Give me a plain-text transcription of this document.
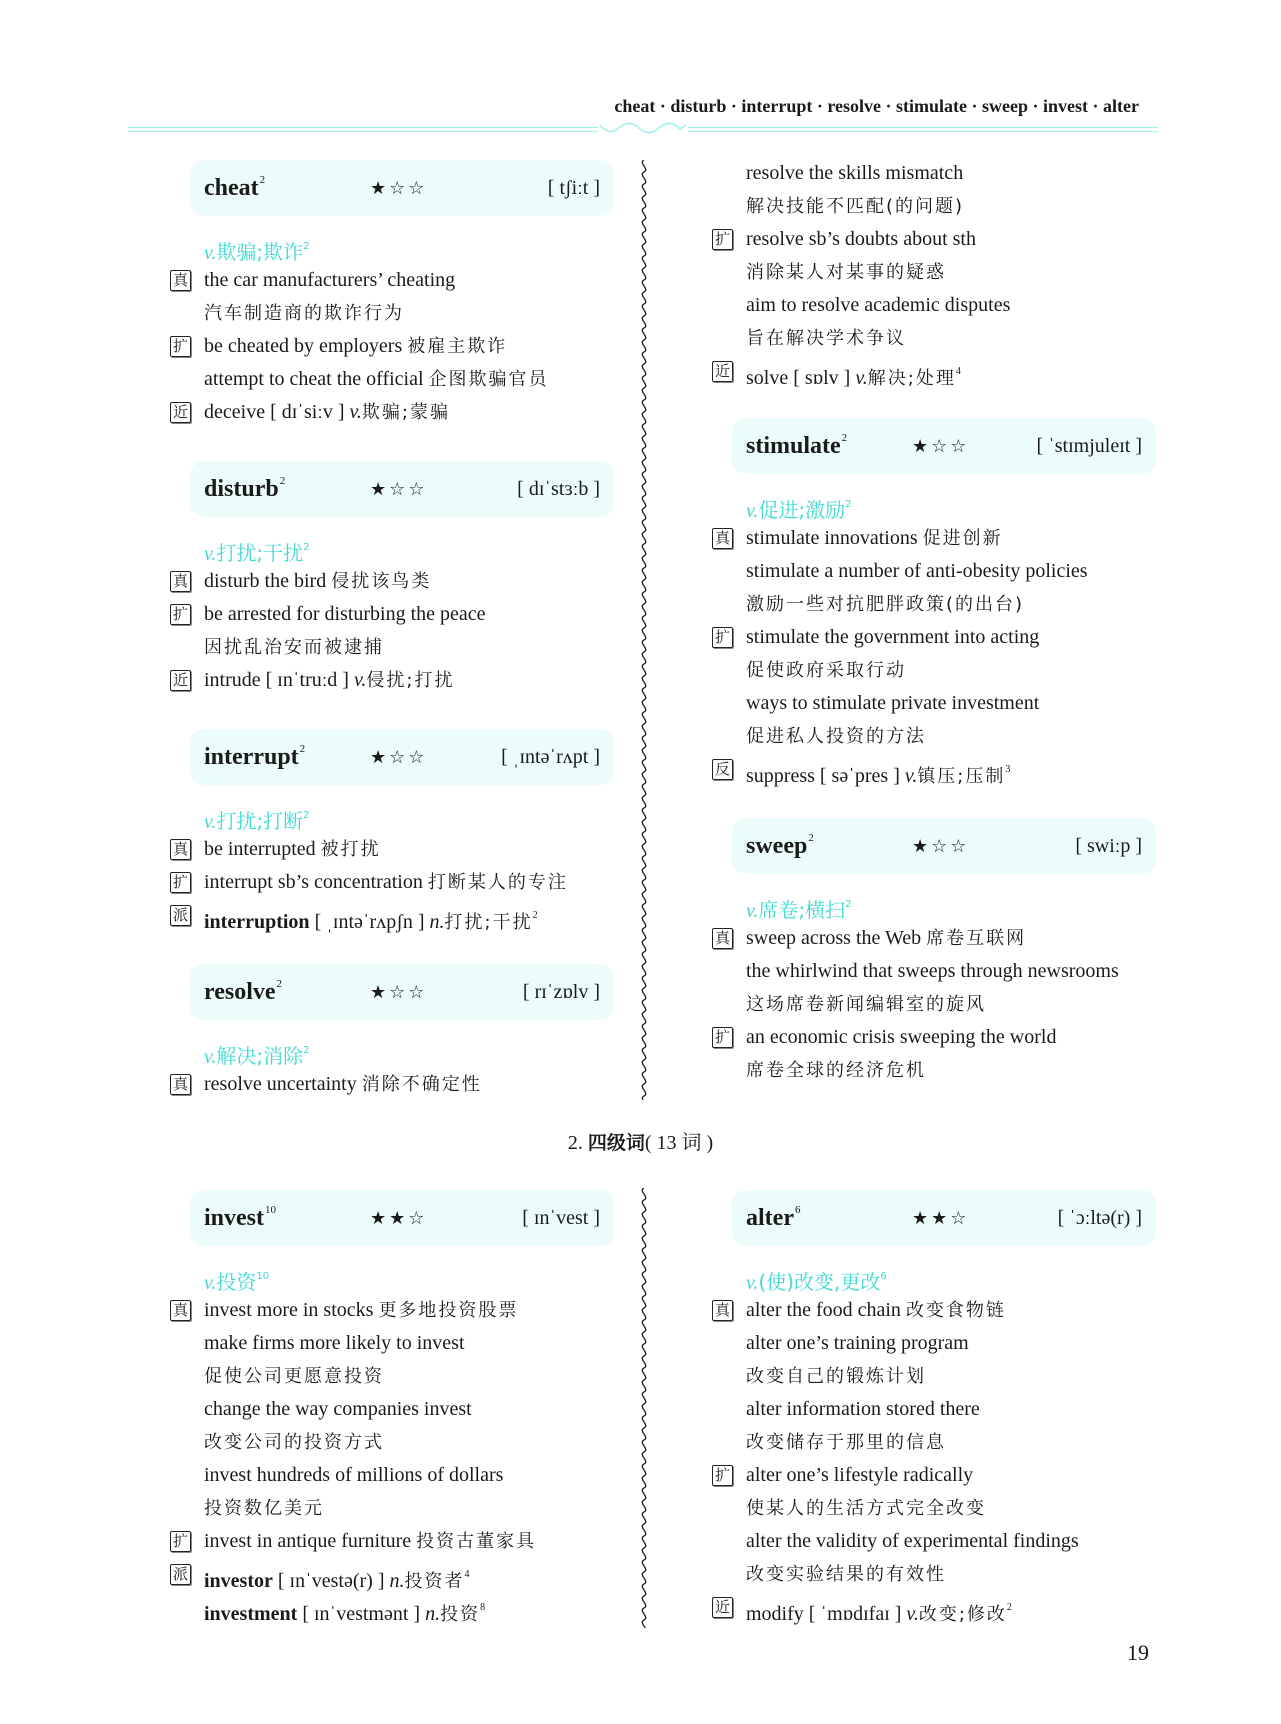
cheat · disturb · interrupt · resolve · stimulate · sweep · invest · alter
cheat$^2$	★☆☆	[ tʃiːt ]
v.欺骗;欺诈$^2$
真 the car manufacturers’ cheating
汽车制造商的欺诈行为
扩 be cheated by employers 被雇主欺诈
attempt to cheat the official 企图欺骗官员
近 deceive [ dɪˈsiːv ] v.欺骗;蒙骗
disturb$^2$	★☆☆	[ dɪˈstɜːb ]
v.打扰;干扰$^2$
真 disturb the bird 侵扰该鸟类
扩 be arrested for disturbing the peace
因扰乱治安而被逮捕
近 intrude [ ɪnˈtruːd ] v.侵扰;打扰
interrupt$^2$	★☆☆	[ ˌɪntəˈrʌpt ]
v.打扰;打断$^2$
真 be interrupted 被打扰
扩 interrupt sb’s concentration 打断某人的专注
派 interruption [ ˌɪntəˈrʌpʃn ] n.打扰;干扰$^2$
resolve$^2$	★☆☆	[ rɪˈzɒlv ]
v.解决;消除$^2$
真 resolve uncertainty 消除不确定性
resolve the skills mismatch
解决技能不匹配(的问题)
扩 resolve sb’s doubts about sth
消除某人对某事的疑惑
aim to resolve academic disputes
旨在解决学术争议
近 solve [ sɒlv ] v.解决;处理$^4$
stimulate$^2$	★☆☆	[ ˈstɪmjuleɪt ]
v.促进;激励$^2$
真 stimulate innovations 促进创新
stimulate a number of anti-obesity policies
激励一些对抗肥胖政策(的出台)
扩 stimulate the government into acting
促使政府采取行动
ways to stimulate private investment
促进私人投资的方法
反 suppress [ səˈpres ] v.镇压;压制$^3$
sweep$^2$	★☆☆	[ swiːp ]
v.席卷;横扫$^2$
真 sweep across the Web 席卷互联网
the whirlwind that sweeps through newsrooms
这场席卷新闻编辑室的旋风
扩 an economic crisis sweeping the world
席卷全球的经济危机
2. 四级词( 13 词 )
invest$^{10}$	★★☆	[ ɪnˈvest ]
v.投资$^{10}$
真 invest more in stocks 更多地投资股票
make firms more likely to invest
促使公司更愿意投资
change the way companies invest
改变公司的投资方式
invest hundreds of millions of dollars
投资数亿美元
扩 invest in antique furniture 投资古董家具
派 investor [ ɪnˈvestə(r) ] n.投资者$^4$
investment [ ɪnˈvestmənt ] n.投资$^8$
alter$^6$	★★☆	[ ˈɔːltə(r) ]
v.(使)改变,更改$^6$
真 alter the food chain 改变食物链
alter one’s training program
改变自己的锻炼计划
alter information stored there
改变储存于那里的信息
扩 alter one’s lifestyle radically
使某人的生活方式完全改变
alter the validity of experimental findings
改变实验结果的有效性
近 modify [ ˈmɒdɪfaɪ ] v.改变;修改$^2$
19
